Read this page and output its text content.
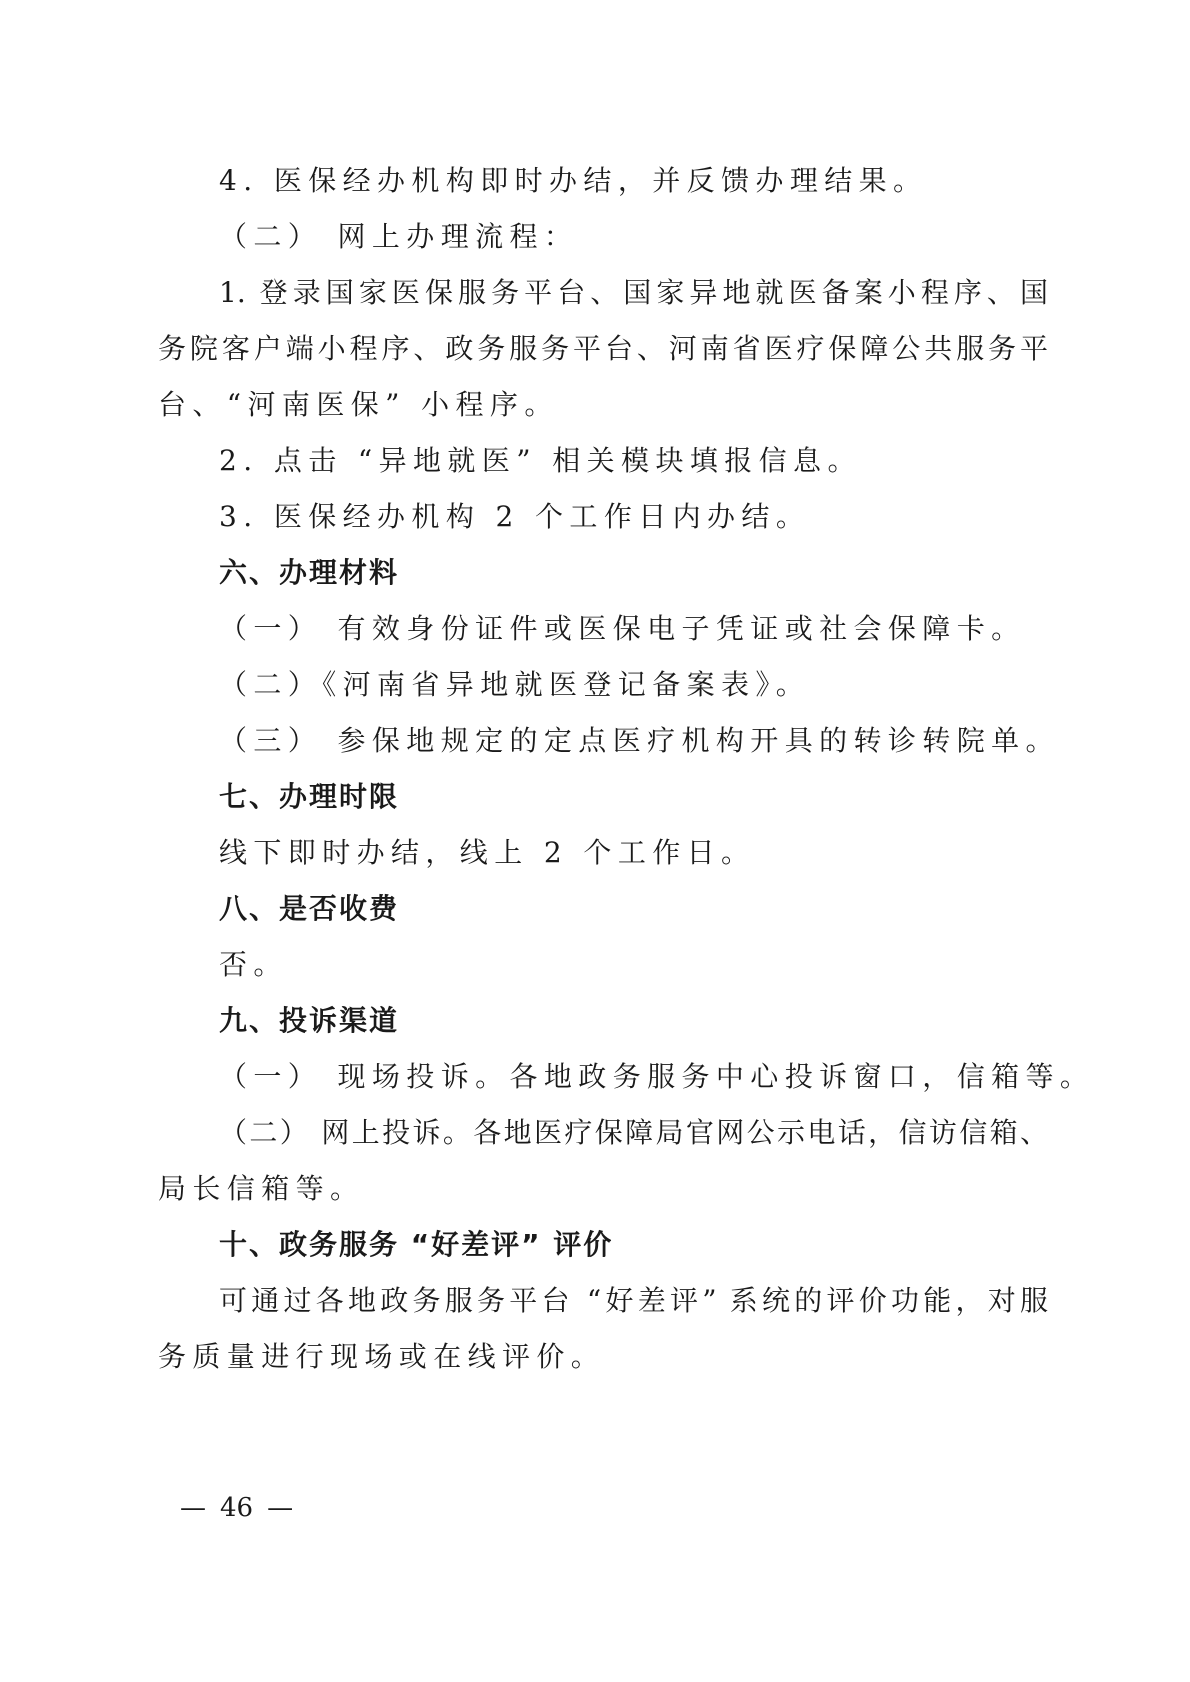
4. 医保经办机构即时办结，并反馈办理结果。
（二） 网上办理流程：
1. 登录国家医保服务平台、国家异地就医备案小程序、国
务院客户端小程序、政务服务平台、河南省医疗保障公共服务平
台、“河南医保” 小程序。
2. 点击 “异地就医” 相关模块填报信息。
3. 医保经办机构 2 个工作日内办结。
六、办理材料
（一） 有效身份证件或医保电子凭证或社会保障卡。
（二）《河南省异地就医登记备案表》。
（三） 参保地规定的定点医疗机构开具的转诊转院单。
七、办理时限
线下即时办结，线上 2 个工作日。
八、是否收费
否。
九、投诉渠道
（一） 现场投诉。各地政务服务中心投诉窗口，信箱等。
（二） 网上投诉。各地医疗保障局官网公示电话，信访信箱、
局长信箱等。
十、政务服务 “好差评” 评价
可通过各地政务服务平台 “好差评” 系统的评价功能，对服
务质量进行现场或在线评价。
— 46 —
